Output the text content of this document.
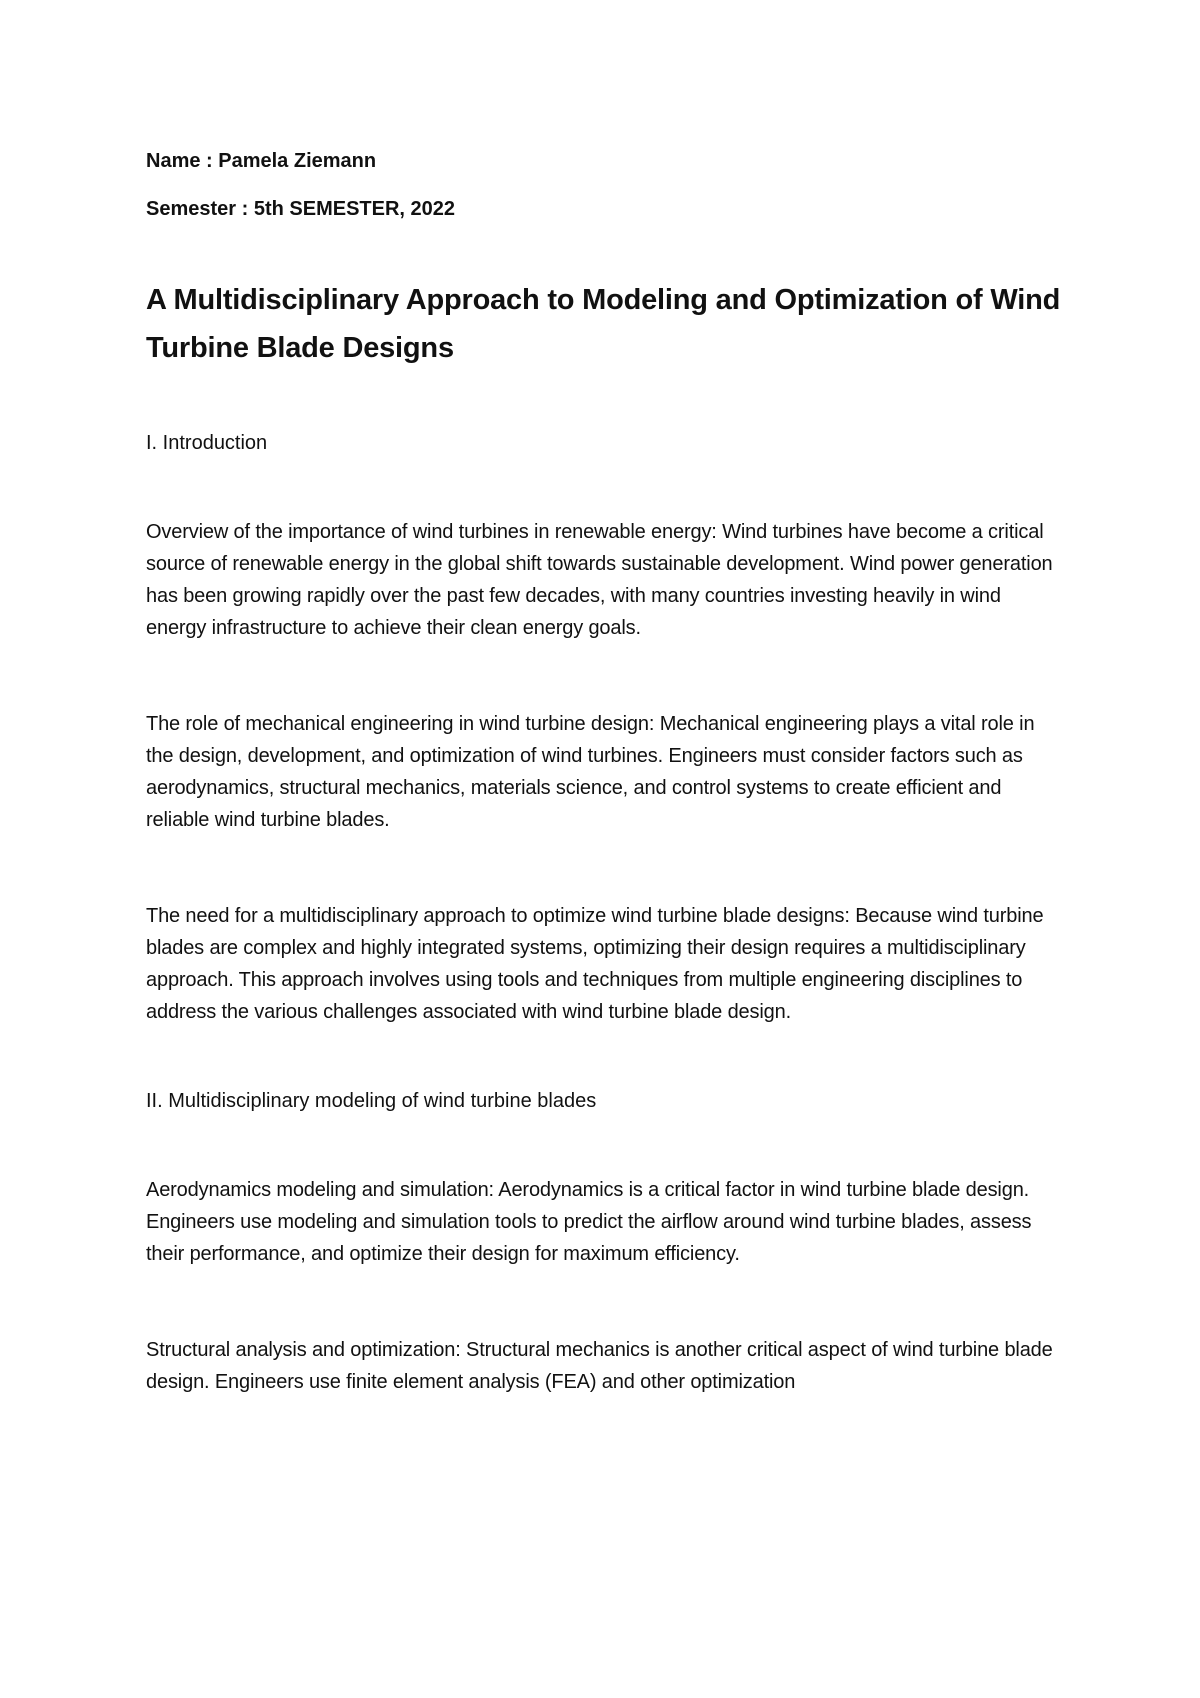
Name : Pamela Ziemann

Semester : 5th SEMESTER, 2022

A Multidisciplinary Approach to Modeling and Optimization of Wind Turbine Blade Designs
I. Introduction

Overview of the importance of wind turbines in renewable energy: Wind turbines have become a critical source of renewable energy in the global shift towards sustainable development. Wind power generation has been growing rapidly over the past few decades, with many countries investing heavily in wind energy infrastructure to achieve their clean energy goals.

The role of mechanical engineering in wind turbine design: Mechanical engineering plays a vital role in the design, development, and optimization of wind turbines. Engineers must consider factors such as aerodynamics, structural mechanics, materials science, and control systems to create efficient and reliable wind turbine blades.

The need for a multidisciplinary approach to optimize wind turbine blade designs: Because wind turbine blades are complex and highly integrated systems, optimizing their design requires a multidisciplinary approach. This approach involves using tools and techniques from multiple engineering disciplines to address the various challenges associated with wind turbine blade design.

II. Multidisciplinary modeling of wind turbine blades

Aerodynamics modeling and simulation: Aerodynamics is a critical factor in wind turbine blade design. Engineers use modeling and simulation tools to predict the airflow around wind turbine blades, assess their performance, and optimize their design for maximum efficiency.

Structural analysis and optimization: Structural mechanics is another critical aspect of wind turbine blade design. Engineers use finite element analysis (FEA) and other optimization
